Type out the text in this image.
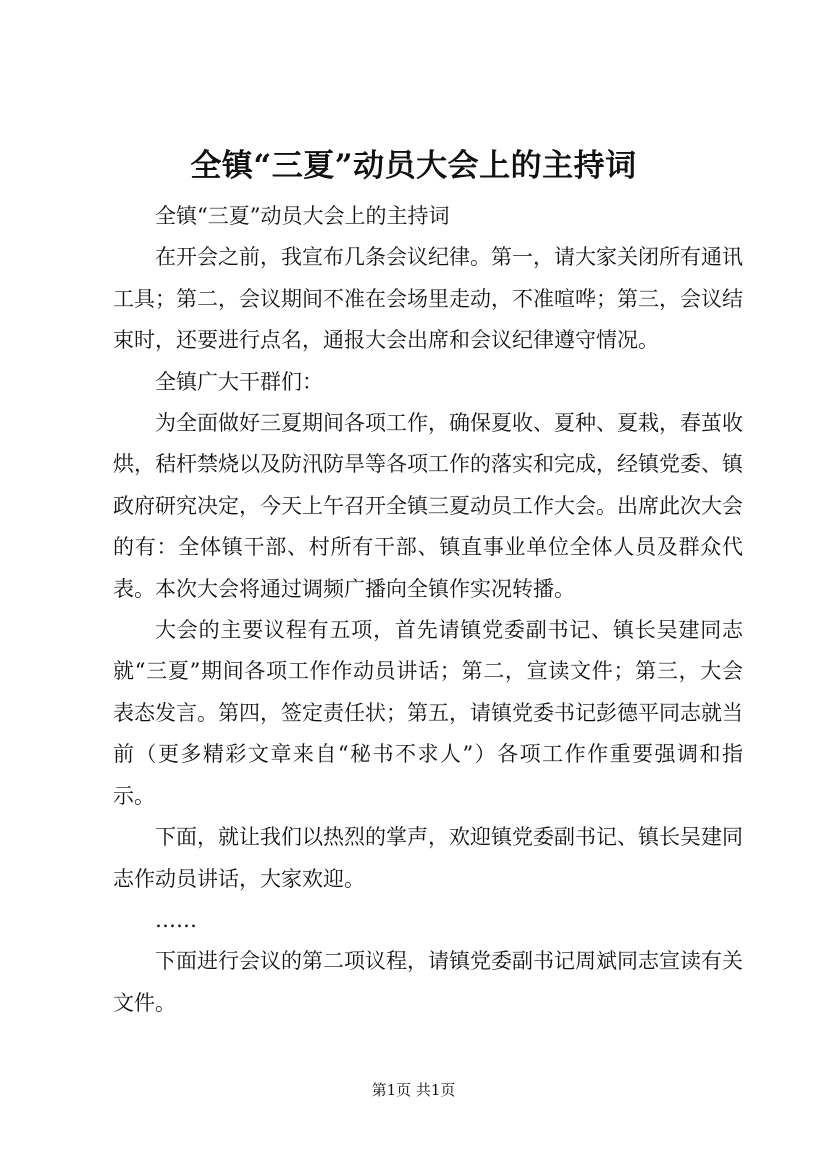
全镇“三夏”动员大会上的主持词

全镇“三夏”动员大会上的主持词

在开会之前，我宣布几条会议纪律。第一，请大家关闭所有通讯工具；第二，会议期间不准在会场里走动，不准喧哗；第三，会议结束时，还要进行点名，通报大会出席和会议纪律遵守情况。

全镇广大干群们：

为全面做好三夏期间各项工作，确保夏收、夏种、夏栽，春茧收烘，秸杆禁烧以及防汛防旱等各项工作的落实和完成，经镇党委、镇政府研究决定，今天上午召开全镇三夏动员工作大会。出席此次大会的有：全体镇干部、村所有干部、镇直事业单位全体人员及群众代表。本次大会将通过调频广播向全镇作实况转播。

大会的主要议程有五项，首先请镇党委副书记、镇长吴建同志就“三夏”期间各项工作作动员讲话；第二，宣读文件；第三，大会表态发言。第四，签定责任状；第五，请镇党委书记彭德平同志就当前（更多精彩文章来自“秘书不求人”）各项工作作重要强调和指示。

下面，就让我们以热烈的掌声，欢迎镇党委副书记、镇长吴建同志作动员讲话，大家欢迎。

……

下面进行会议的第二项议程，请镇党委副书记周斌同志宣读有关文件。

第1页 共1页
